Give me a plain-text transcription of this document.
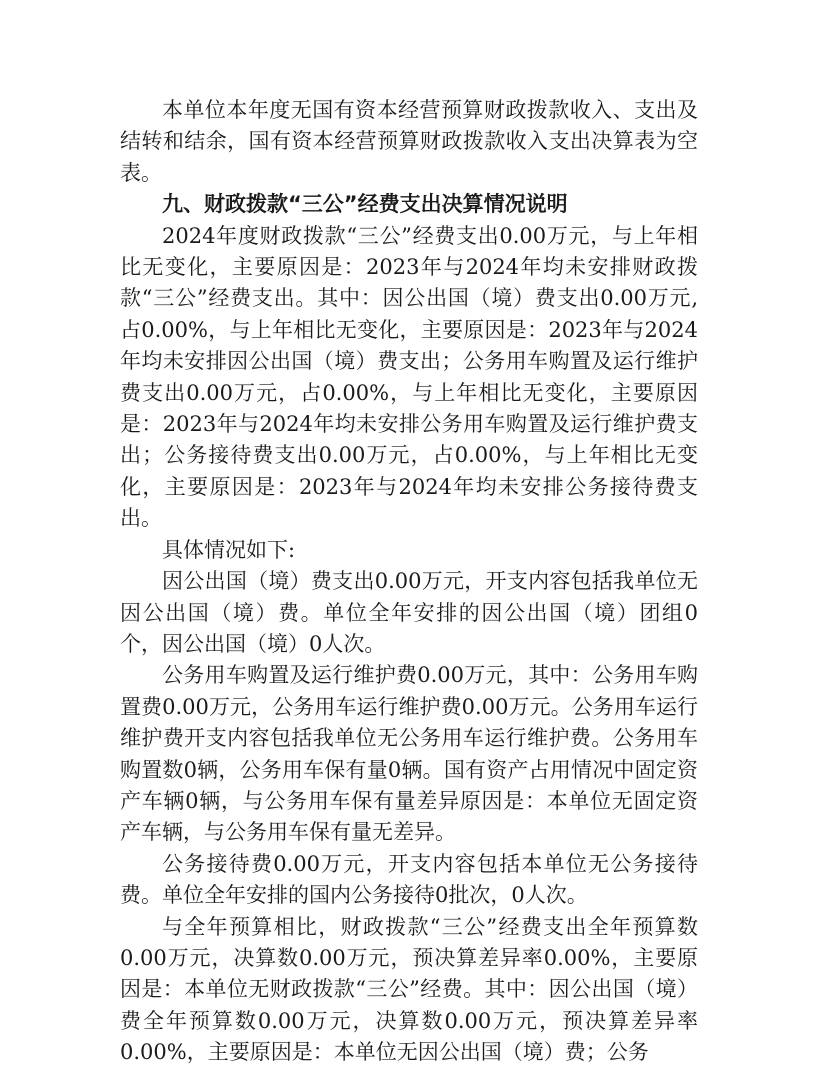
本单位本年度无国有资本经营预算财政拨款收入、支出及结转和结余，国有资本经营预算财政拨款收入支出决算表为空表。

九、财政拨款“三公”经费支出决算情况说明

2024年度财政拨款“三公”经费支出0.00万元，与上年相比无变化，主要原因是：2023年与2024年均未安排财政拨款“三公”经费支出。其中：因公出国（境）费支出0.00万元,占0.00%，与上年相比无变化，主要原因是：2023年与2024年均未安排因公出国（境）费支出；公务用车购置及运行维护费支出0.00万元，占0.00%，与上年相比无变化，主要原因是：2023年与2024年均未安排公务用车购置及运行维护费支出；公务接待费支出0.00万元，占0.00%，与上年相比无变化，主要原因是：2023年与2024年均未安排公务接待费支出。

具体情况如下:

因公出国（境）费支出0.00万元，开支内容包括我单位无因公出国（境）费。单位全年安排的因公出国（境）团组0个，因公出国（境）0人次。

公务用车购置及运行维护费0.00万元，其中：公务用车购置费0.00万元，公务用车运行维护费0.00万元。公务用车运行维护费开支内容包括我单位无公务用车运行维护费。公务用车购置数0辆，公务用车保有量0辆。国有资产占用情况中固定资产车辆0辆，与公务用车保有量差异原因是：本单位无固定资产车辆，与公务用车保有量无差异。

公务接待费0.00万元，开支内容包括本单位无公务接待费。单位全年安排的国内公务接待0批次，0人次。

与全年预算相比，财政拨款“三公”经费支出全年预算数0.00万元，决算数0.00万元，预决算差异率0.00%，主要原因是：本单位无财政拨款“三公”经费。其中：因公出国（境）费全年预算数0.00万元，决算数0.00万元，预决算差异率0.00%，主要原因是：本单位无因公出国（境）费；公务
